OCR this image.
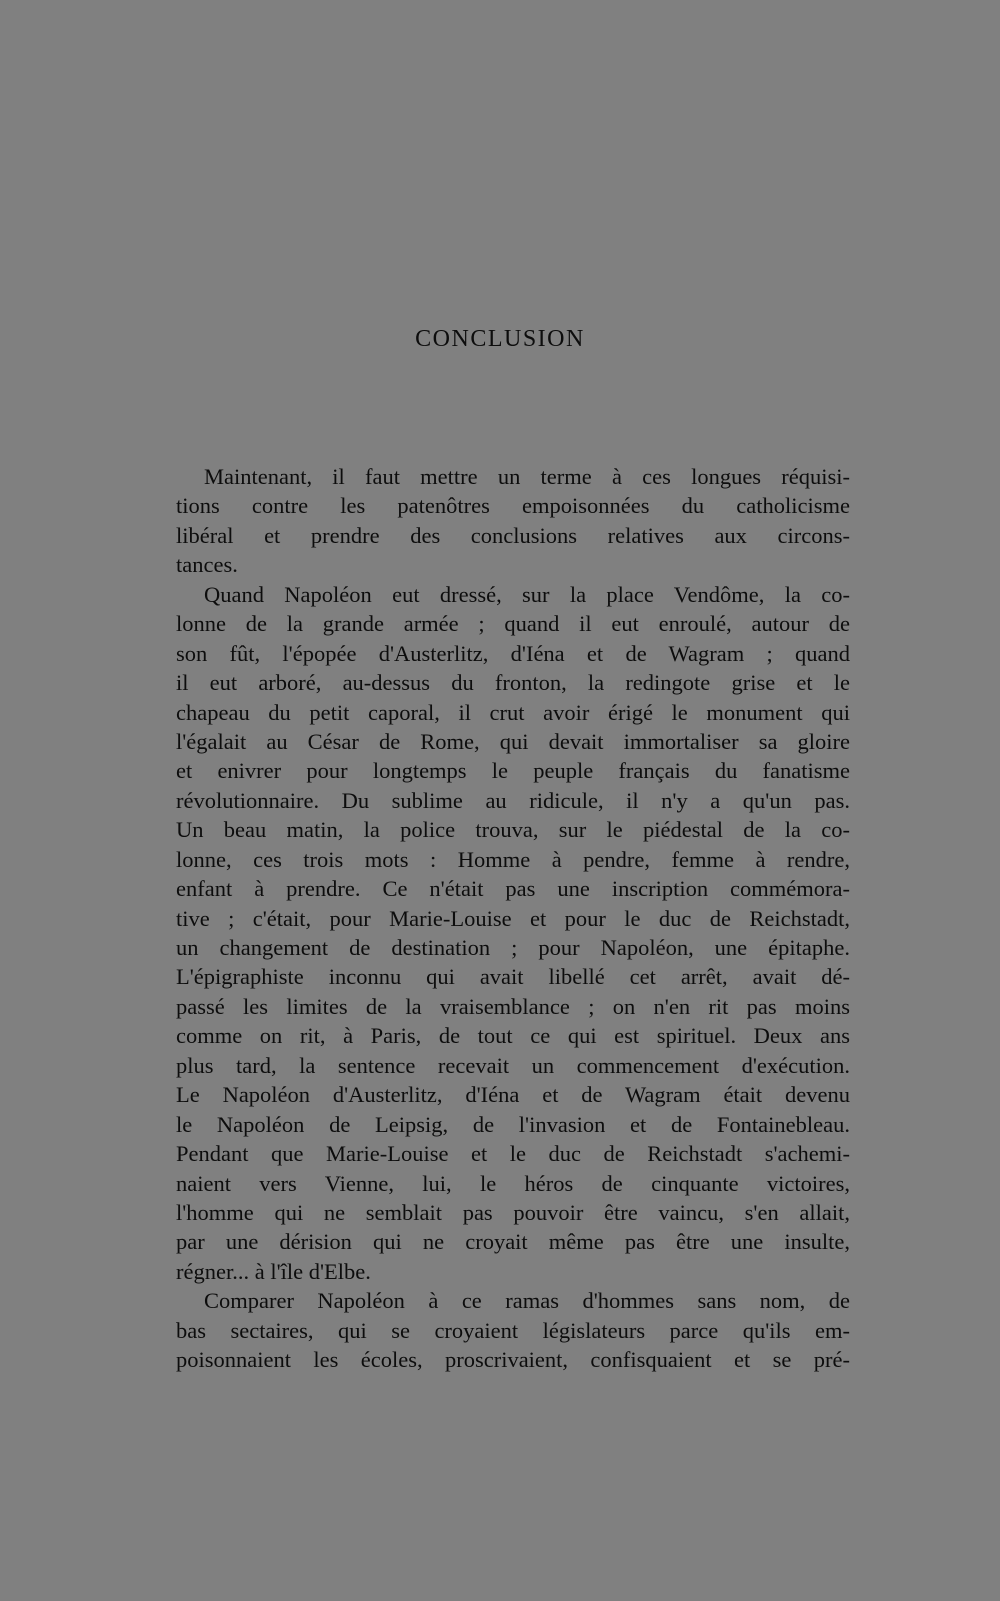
CONCLUSION
Maintenant, il faut mettre un terme à ces longues réquisi-
tions contre les patenôtres empoisonnées du catholicisme
libéral et prendre des conclusions relatives aux circons-
tances.
Quand Napoléon eut dressé, sur la place Vendôme, la co-
lonne de la grande armée ; quand il eut enroulé, autour de
son fût, l'épopée d'Austerlitz, d'Iéna et de Wagram ; quand
il eut arboré, au-dessus du fronton, la redingote grise et le
chapeau du petit caporal, il crut avoir érigé le monument qui
l'égalait au César de Rome, qui devait immortaliser sa gloire
et enivrer pour longtemps le peuple français du fanatisme
révolutionnaire. Du sublime au ridicule, il n'y a qu'un pas.
Un beau matin, la police trouva, sur le piédestal de la co-
lonne, ces trois mots : Homme à pendre, femme à rendre,
enfant à prendre. Ce n'était pas une inscription commémora-
tive ; c'était, pour Marie-Louise et pour le duc de Reichstadt,
un changement de destination ; pour Napoléon, une épitaphe.
L'épigraphiste inconnu qui avait libellé cet arrêt, avait dé-
passé les limites de la vraisemblance ; on n'en rit pas moins
comme on rit, à Paris, de tout ce qui est spirituel. Deux ans
plus tard, la sentence recevait un commencement d'exécution.
Le Napoléon d'Austerlitz, d'Iéna et de Wagram était devenu
le Napoléon de Leipsig, de l'invasion et de Fontainebleau.
Pendant que Marie-Louise et le duc de Reichstadt s'achemi-
naient vers Vienne, lui, le héros de cinquante victoires,
l'homme qui ne semblait pas pouvoir être vaincu, s'en allait,
par une dérision qui ne croyait même pas être une insulte,
régner... à l'île d'Elbe.
Comparer Napoléon à ce ramas d'hommes sans nom, de
bas sectaires, qui se croyaient législateurs parce qu'ils em-
poisonnaient les écoles, proscrivaient, confisquaient et se pré-
